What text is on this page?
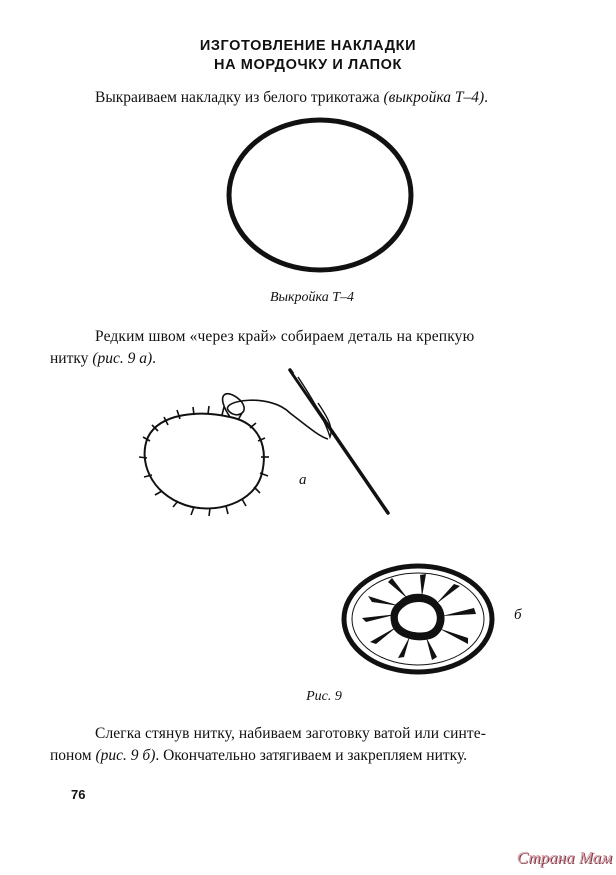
ИЗГОТОВЛЕНИЕ НАКЛАДКИ
НА МОРДОЧКУ И ЛАПОК
Выкраиваем накладку из белого трикотажа (выкройка Т–4).
Выкройка Т–4
Редким швом «через край» собираем деталь на крепкую
нитку (рис. 9 а).
а
б
Рис. 9
Слегка стянув нитку, набиваем заготовку ватой или синте-
поном (рис. 9 б). Окончательно затягиваем и закрепляем нитку.
76
Страна Мам
